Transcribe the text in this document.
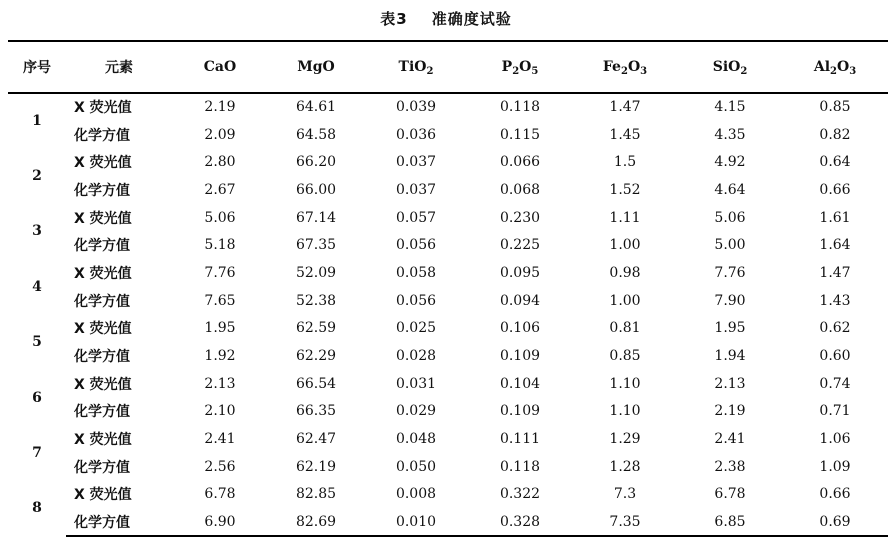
表3 准确度试验
序号	元素	CaO	MgO	TiO$_2$	$P_2O_5$	$Fe_2O_3$	SiO$_2$	$Al_2O_3$
1	X 荧光值	2.19	64.61	0.039	0.118	1.47	4.15	0.85
	化学方值	2.09	64.58	0.036	0.115	1.45	4.35	0.82
2	X 荧光值	2.80	66.20	0.037	0.066	1.5	4.92	0.64
	化学方值	2.67	66.00	0.037	0.068	1.52	4.64	0.66
3	X 荧光值	5.06	67.14	0.057	0.230	1.11	5.06	1.61
	化学方值	5.18	67.35	0.056	0.225	1.00	5.00	1.64
4	X 荧光值	7.76	52.09	0.058	0.095	0.98	7.76	1.47
	化学方值	7.65	52.38	0.056	0.094	1.00	7.90	1.43
5	X 荧光值	1.95	62.59	0.025	0.106	0.81	1.95	0.62
	化学方值	1.92	62.29	0.028	0.109	0.85	1.94	0.60
6	X 荧光值	2.13	66.54	0.031	0.104	1.10	2.13	0.74
	化学方值	2.10	66.35	0.029	0.109	1.10	2.19	0.71
7	X 荧光值	2.41	62.47	0.048	0.111	1.29	2.41	1.06
	化学方值	2.56	62.19	0.050	0.118	1.28	2.38	1.09
8	X 荧光值	6.78	82.85	0.008	0.322	7.3	6.78	0.66
	化学方值	6.90	82.69	0.010	0.328	7.35	6.85	0.69
